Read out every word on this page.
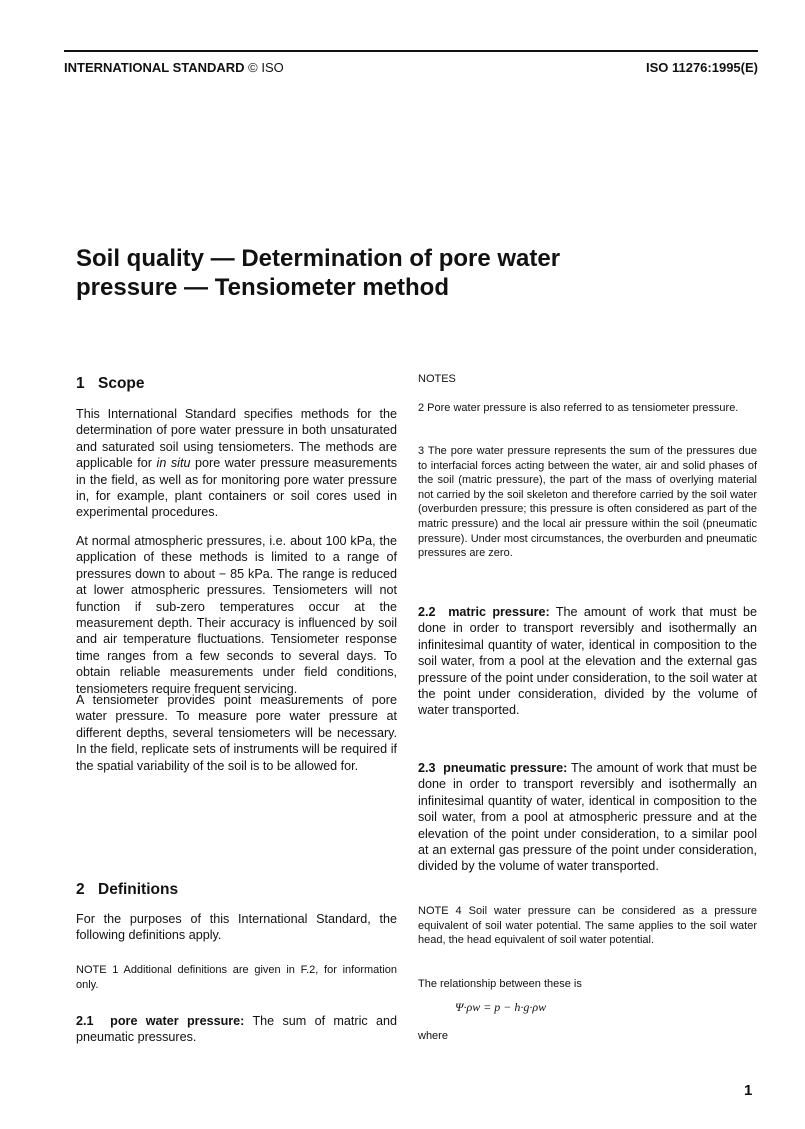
INTERNATIONAL STANDARD © ISO	ISO 11276:1995(E)
Soil quality — Determination of pore water
pressure — Tensiometer method
1 Scope

This International Standard specifies methods for the determination of pore water pressure in both unsaturated and saturated soil using tensiometers. The methods are applicable for in situ pore water pressure measurements in the field, as well as for monitoring pore water pressure in, for example, plant containers or soil cores used in experimental procedures.

At normal atmospheric pressures, i.e. about 100 kPa, the application of these methods is limited to a range of pressures down to about − 85 kPa. The range is reduced at lower atmospheric pressures. Tensiometers will not function if sub-zero temperatures occur at the measurement depth. Their accuracy is influenced by soil and air temperature fluctuations. Tensiometer response time ranges from a few seconds to several days. To obtain reliable measurements under field conditions, tensiometers require frequent servicing.

A tensiometer provides point measurements of pore water pressure. To measure pore water pressure at different depths, several tensiometers will be necessary. In the field, replicate sets of instruments will be required if the spatial variability of the soil is to be allowed for.

2 Definitions

For the purposes of this International Standard, the following definitions apply.

NOTE 1 Additional definitions are given in F.2, for information only.

2.1 pore water pressure: The sum of matric and pneumatic pressures.

NOTES

2 Pore water pressure is also referred to as tensiometer pressure.

3 The pore water pressure represents the sum of the pressures due to interfacial forces acting between the water, air and solid phases of the soil (matric pressure), the part of the mass of overlying material not carried by the soil skeleton and therefore carried by the soil water (overburden pressure; this pressure is often considered as part of the matric pressure) and the local air pressure within the soil (pneumatic pressure). Under most circumstances, the overburden and pneumatic pressures are zero.

2.2 matric pressure: The amount of work that must be done in order to transport reversibly and isothermally an infinitesimal quantity of water, identical in composition to the soil water, from a pool at the elevation and the external gas pressure of the point under consideration, to the soil water at the point under consideration, divided by the volume of water transported.

2.3 pneumatic pressure: The amount of work that must be done in order to transport reversibly and isothermally an infinitesimal quantity of water, identical in composition to the soil water, from a pool at atmospheric pressure and at the elevation of the point under consideration, to a similar pool at an external gas pressure of the point under consideration, divided by the volume of water transported.

NOTE 4 Soil water pressure can be considered as a pressure equivalent of soil water potential. The same applies to the soil water head, the head equivalent of soil water potential.

The relationship between these is

Ψ·ρw = p − h·g·ρw

where

1
